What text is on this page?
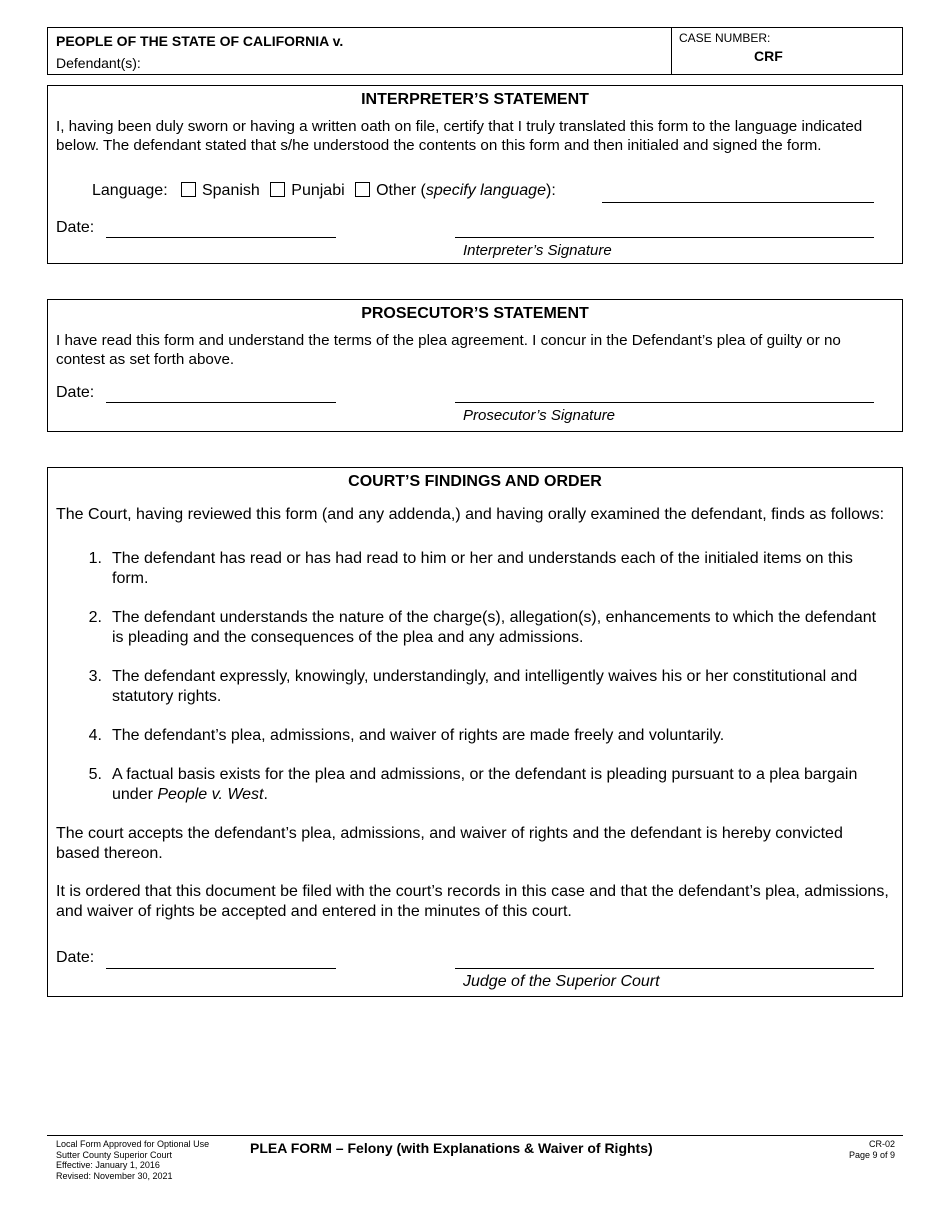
PEOPLE OF THE STATE OF CALIFORNIA v.
Defendant(s):
CASE NUMBER:
CRF
INTERPRETER’S STATEMENT
I, having been duly sworn or having a written oath on file, certify that I truly translated this form to the language indicated below. The defendant stated that s/he understood the contents on this form and then initialed and signed the form.
Language: Spanish Punjabi Other (specify language):
Date:
Interpreter’s Signature
PROSECUTOR’S STATEMENT
I have read this form and understand the terms of the plea agreement. I concur in the Defendant’s plea of guilty or no contest as set forth above.
Date:
Prosecutor’s Signature
COURT’S FINDINGS AND ORDER
The Court, having reviewed this form (and any addenda,) and having orally examined the defendant, finds as follows:
1. The defendant has read or has had read to him or her and understands each of the initialed items on this form.
2. The defendant understands the nature of the charge(s), allegation(s), enhancements to which the defendant is pleading and the consequences of the plea and any admissions.
3. The defendant expressly, knowingly, understandingly, and intelligently waives his or her constitutional and statutory rights.
4. The defendant’s plea, admissions, and waiver of rights are made freely and voluntarily.
5. A factual basis exists for the plea and admissions, or the defendant is pleading pursuant to a plea bargain under People v. West.
The court accepts the defendant’s plea, admissions, and waiver of rights and the defendant is hereby convicted based thereon.
It is ordered that this document be filed with the court’s records in this case and that the defendant’s plea, admissions, and waiver of rights be accepted and entered in the minutes of this court.
Date:
Judge of the Superior Court
Local Form Approved for Optional Use
Sutter County Superior Court
Effective: January 1, 2016
Revised: November 30, 2021
PLEA FORM – Felony (with Explanations & Waiver of Rights)	CR-02
Page 9 of 9
